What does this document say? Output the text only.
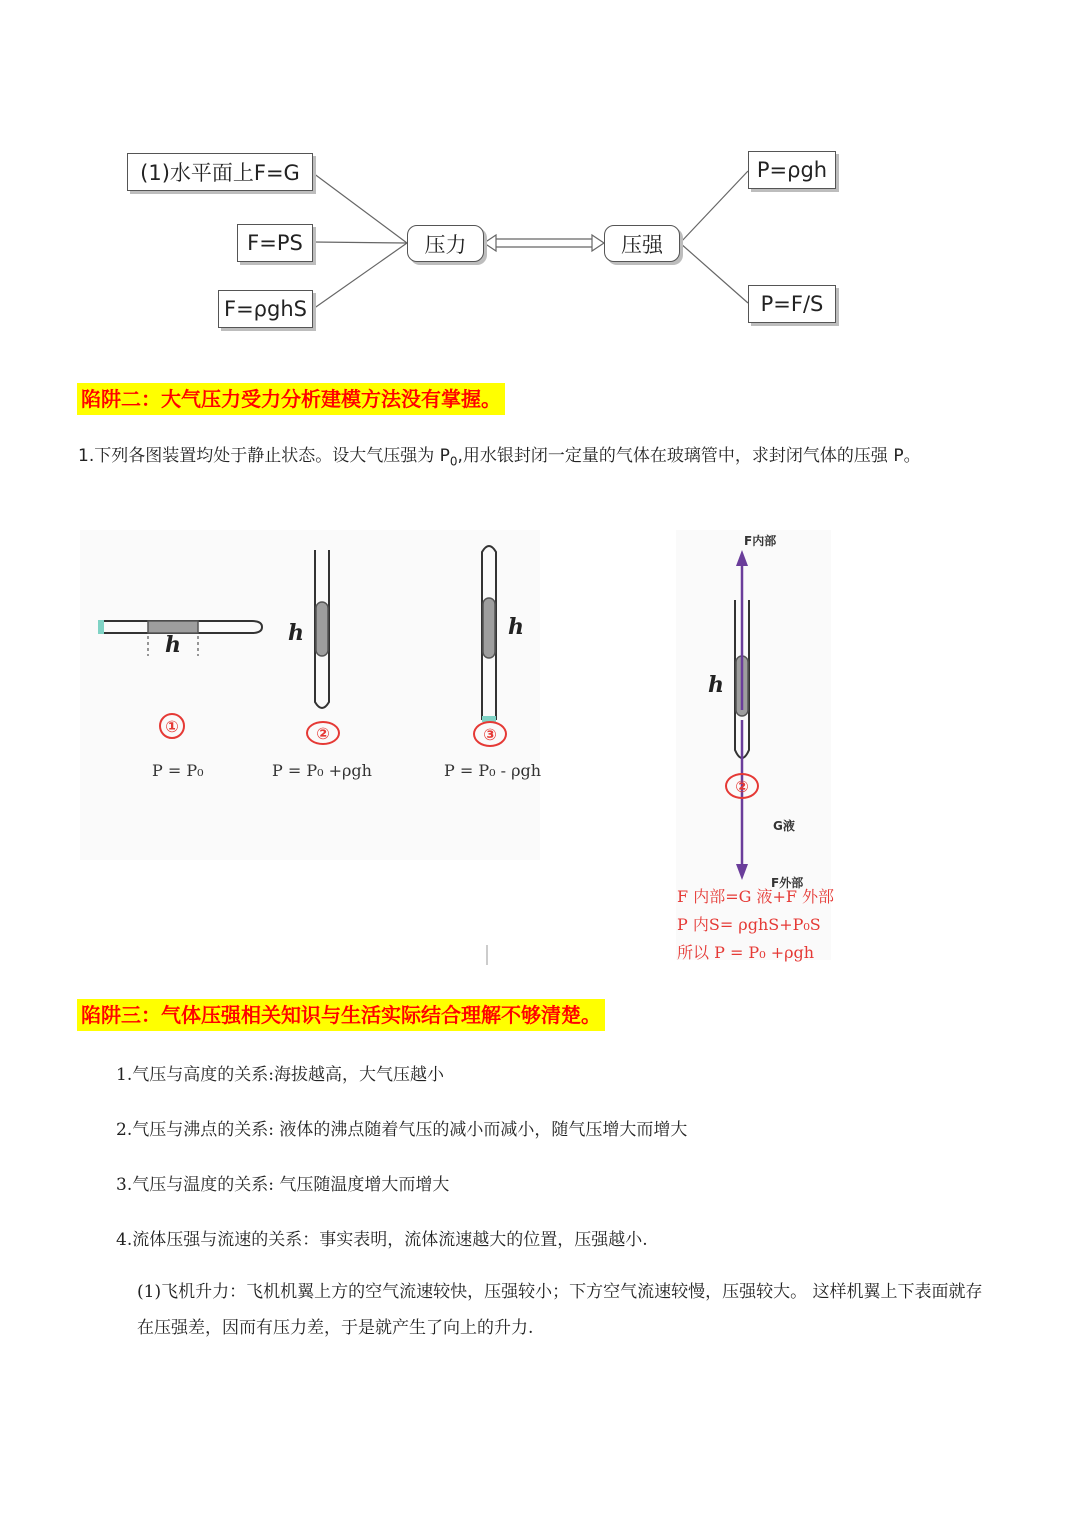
(1)水平面上F=G
F=PS
F=ρghS
压力	压强
P=ρgh
P=F/S
陷阱二：大气压力受力分析建模方法没有掌握。
1.下列各图装置均处于静止状态。设大气压强为 $P_0$,用水银封闭一定量的气体在玻璃管中，求封闭气体的压强 P。
h	h	h
h
①	②	③
②
P = P₀	P = P₀ +ρgh	P = P₀ - ρgh
F内部
G液
F外部
F 内部=G 液+F 外部
P 内S= ρghS+P₀S
所以 P = P₀ +ρgh
陷阱三：气体压强相关知识与生活实际结合理解不够清楚。
1.气压与高度的关系:海拔越高，大气压越小
2.气压与沸点的关系: 液体的沸点随着气压的减小而减小，随气压增大而增大
3.气压与温度的关系: 气压随温度增大而增大
4.流体压强与流速的关系：事实表明，流体流速越大的位置，压强越小.
(1)飞机升力：飞机机翼上方的空气流速较快，压强较小；下方空气流速较慢，压强较大。 这样机翼上下表面就存在压强差，因而有压力差，于是就产生了向上的升力.
